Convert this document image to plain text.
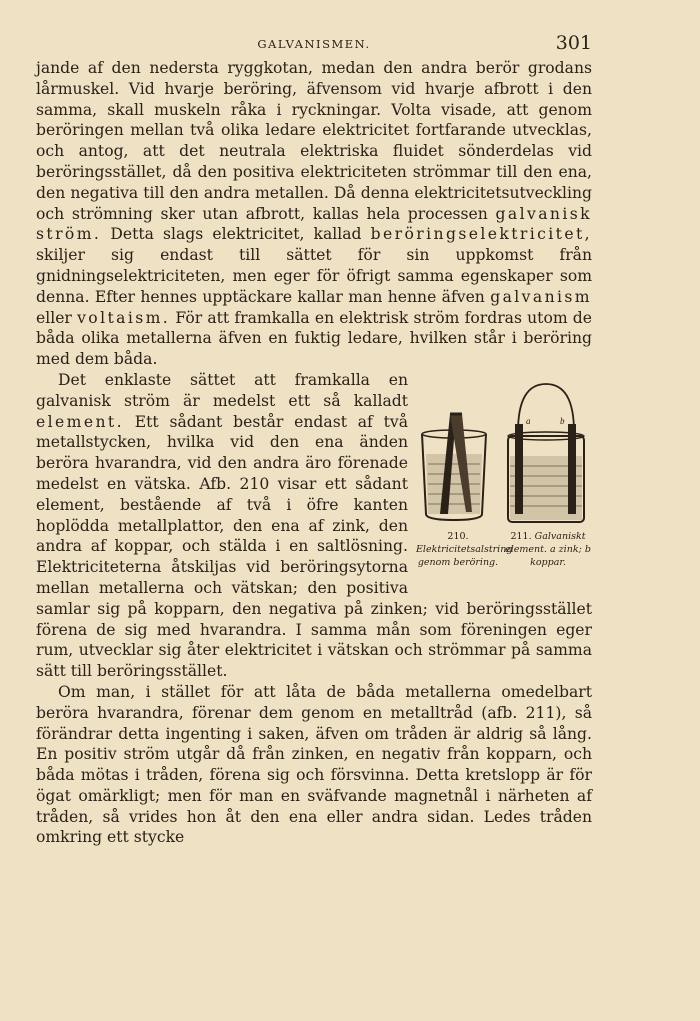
GALVANISMEN.	301

jande af den nedersta ryggkotan, medan den andra berör grodans lårmuskel. Vid hvarje beröring, äfvensom vid hvarje afbrott i den samma, skall muskeln råka i ryckningar. Volta visade, att genom beröringen mellan två olika ledare elektricitet fortfarande utvecklas, och antog, att det neutrala elektriska fluidet sönderdelas vid beröringsstället, då den positiva elektriciteten strömmar till den ena, den negativa till den andra metallen. Då denna elektricitetsutveckling och strömning sker utan afbrott, kallas hela processen galvanisk ström. Detta slags elektricitet, kallad beröringselektricitet, skiljer sig endast till sättet för sin uppkomst från gnidningselektriciteten, men eger för öfrigt samma egenskaper som denna. Efter hennes upptäckare kallar man henne äfven galvanism eller voltaism. För att framkalla en elektrisk ström fordras utom de båda olika metallerna äfven en fuktig ledare, hvilken står i beröring med dem båda.

a	b
210. Elektricitetsalstring genom beröring.
211. Galvaniskt element. a zink; b koppar.

Det enklaste sättet att framkalla en galvanisk ström är medelst ett så kalladt element. Ett sådant består endast af två metallstycken, hvilka vid den ena änden beröra hvarandra, vid den andra äro förenade medelst en vätska. Afb. 210 visar ett sådant element, bestående af två i öfre kanten hoplödda metallplattor, den ena af zink, den andra af koppar, och stälda i en saltlösning. Elektriciteterna åtskiljas vid beröringsytorna mellan metallerna och vätskan; den positiva samlar sig på kopparn, den negativa på zinken; vid beröringsstället förena de sig med hvarandra. I samma mån som föreningen eger rum, utvecklar sig åter elektricitet i vätskan och strömmar på samma sätt till beröringsstället.

Om man, i stället för att låta de båda metallerna omedelbart beröra hvarandra, förenar dem genom en metalltråd (afb. 211), så förändrar detta ingenting i saken, äfven om tråden är aldrig så lång. En positiv ström utgår då från zinken, en negativ från kopparn, och båda mötas i tråden, förena sig och försvinna. Detta kretslopp är för ögat omärkligt; men för man en sväfvande magnetnål i närheten af tråden, så vrides hon åt den ena eller andra sidan. Ledes tråden omkring ett stycke
